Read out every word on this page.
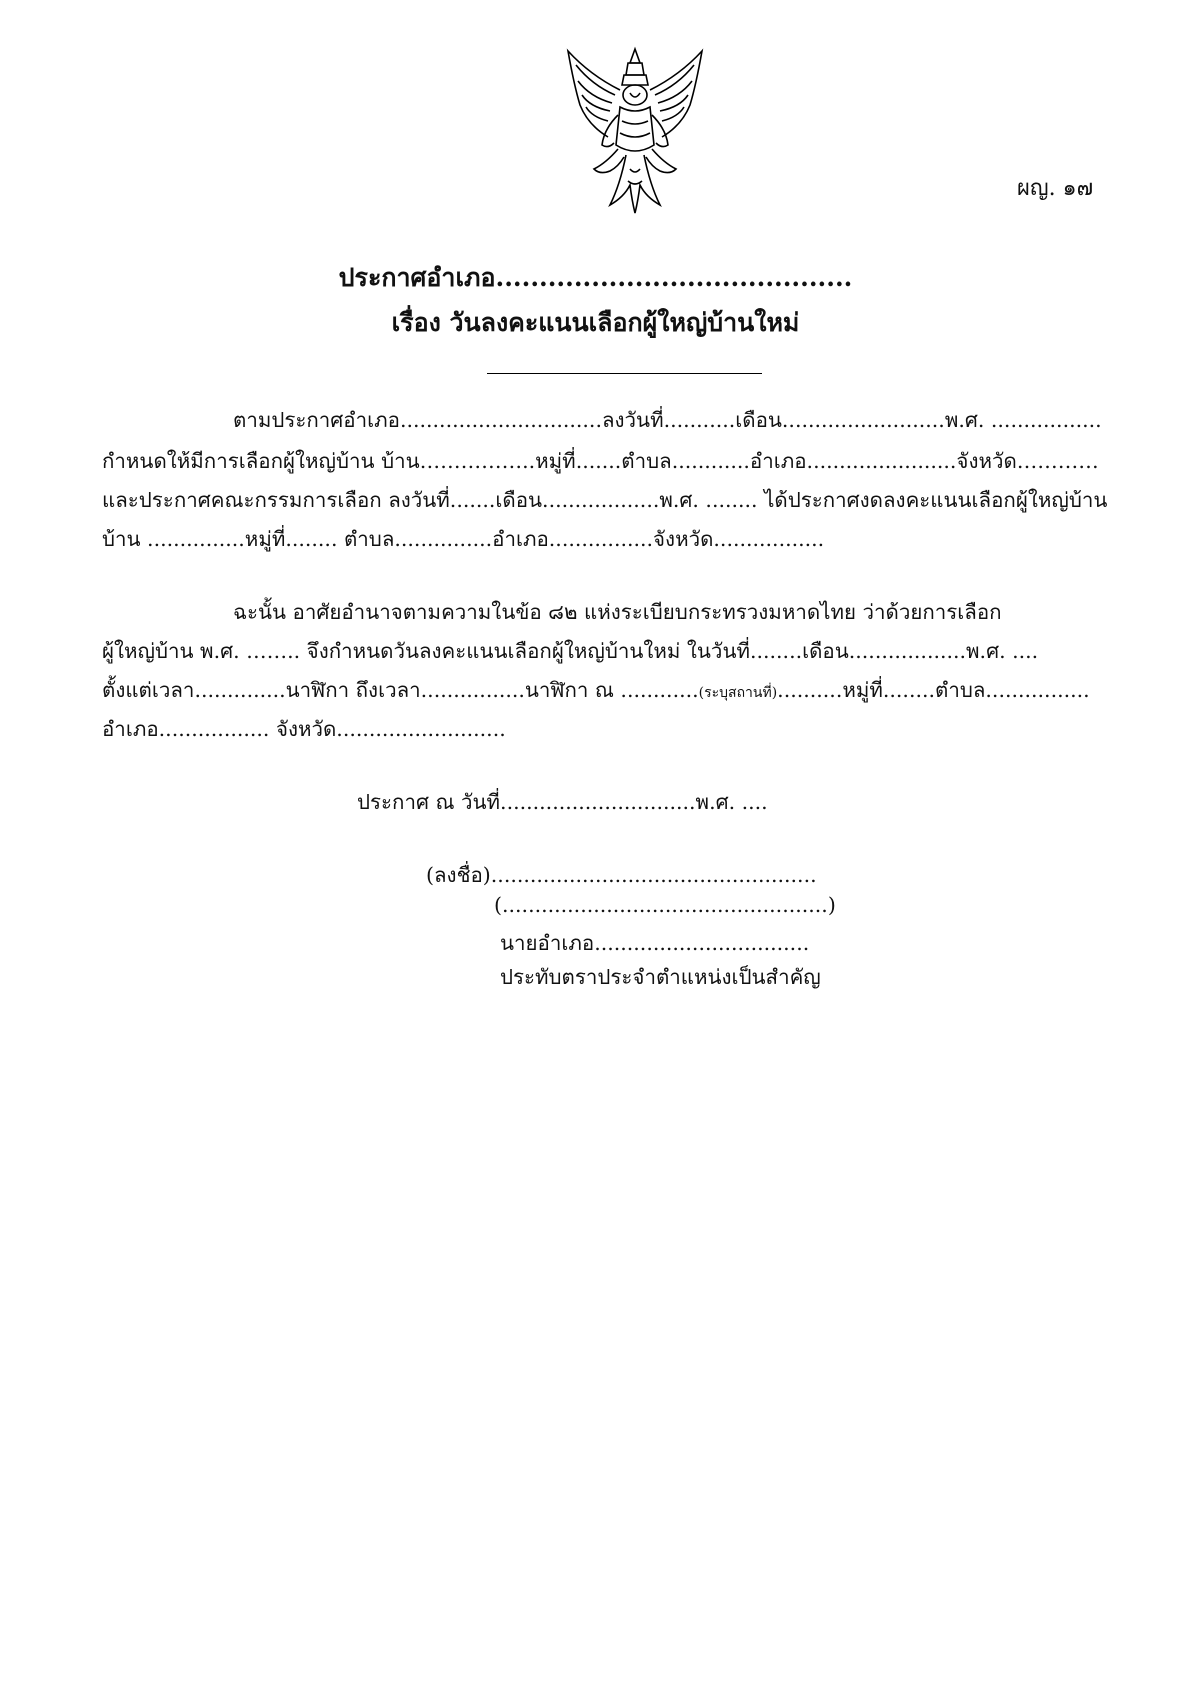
ผญ. ๑๗
ประกาศอำเภอ.........................................
เรื่อง วันลงคะแนนเลือกผู้ใหญ่บ้านใหม่
ตามประกาศอำเภอ...............................ลงวันที่...........เดือน.........................พ.ศ. .................
กำหนดให้มีการเลือกผู้ใหญ่บ้าน บ้าน……………..หมู่ที่.......ตำบล............อำเภอ.......................จังหวัด…………
และประกาศคณะกรรมการเลือก ลงวันที่.......เดือน..................พ.ศ. ........ ได้ประกาศงดลงคะแนนเลือกผู้ใหญ่บ้าน
บ้าน ...............หมู่ที่........ ตำบล...............อำเภอ................จังหวัด.................
ฉะนั้น อาศัยอำนาจตามความในข้อ ๘๒ แห่งระเบียบกระทรวงมหาดไทย ว่าด้วยการเลือก
ผู้ใหญ่บ้าน พ.ศ. …….. จึงกำหนดวันลงคะแนนเลือกผู้ใหญ่บ้านใหม่ ในวันที่........เดือน..................พ.ศ. ....
ตั้งแต่เวลา..............นาฬิกา ถึงเวลา................นาฬิกา ณ ............(ระบุสถานที่)..........หมู่ที่........ตำบล................
อำเภอ................. จังหวัด..........................
ประกาศ ณ วันที่..............................พ.ศ. ....
(ลงชื่อ)..................................................
(..................................................)
นายอำเภอ.................................
ประทับตราประจำตำแหน่งเป็นสำคัญ
